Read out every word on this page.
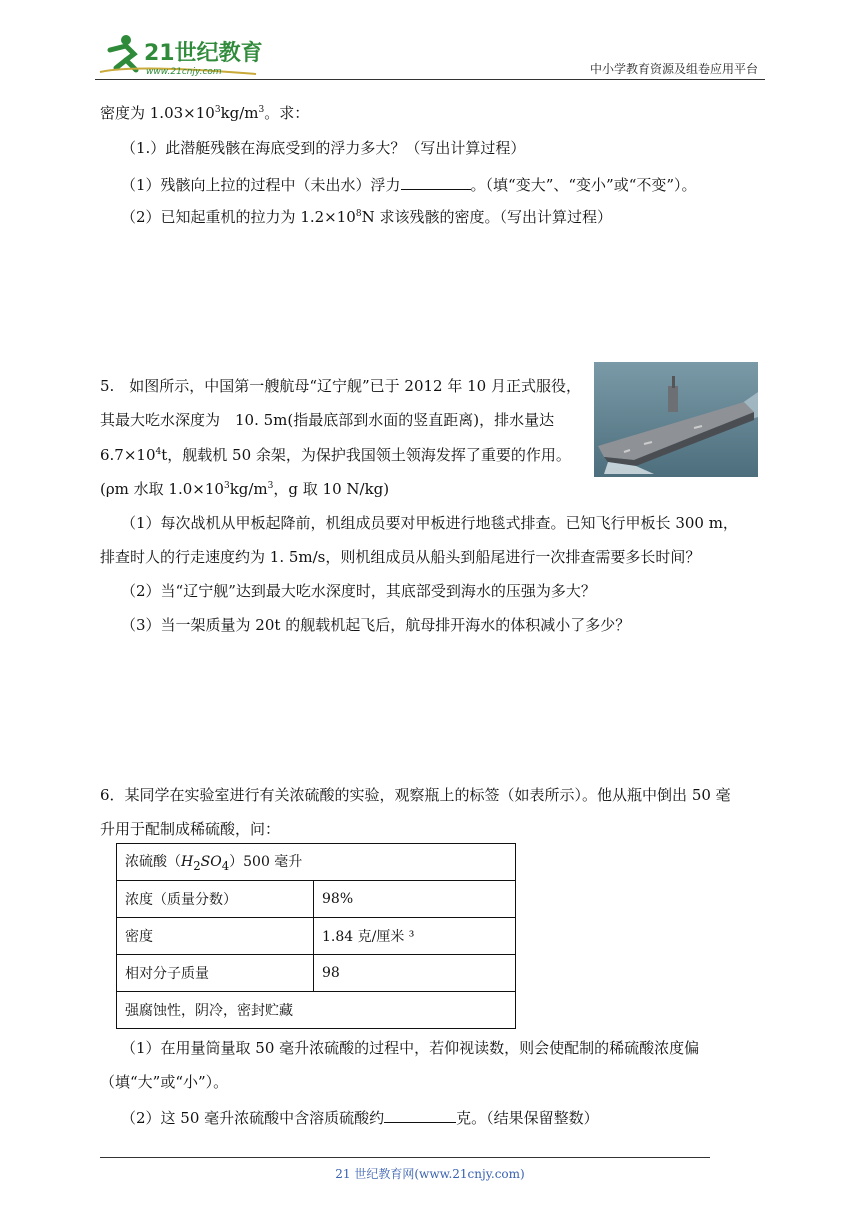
21世纪教育
www.21cnjy.com	中小学教育资源及组卷应用平台
密度为 $1.03\times 10^3kg/m^3$。求：
（1.）此潜艇残骸在海底受到的浮力多大？（写出计算过程）
（1）残骸向上拉的过程中（未出水）浮力	。（填“变大”、“变小”或“不变”）。
（2）已知起重机的拉力为 $1.2\times 10^8N$ 求该残骸的密度。（写出计算过程）
5.　如图所示，中国第一艘航母“辽宁舰”已于 2012 年 10 月正式服役，
其最大吃水深度为　10. 5m(指最底部到水面的竖直距离)，排水量达
$6.7\times 10^4t$，舰载机 50 余架，为保护我国领土领海发挥了重要的作用。
(ρm 水取 $1.0\times 10^3kg/m^3$，g 取 10 N/kg)
（1）每次战机从甲板起降前，机组成员要对甲板进行地毯式排查。已知飞行甲板长 300 m，
排查时人的行走速度约为 1. 5m/s，则机组成员从船头到船尾进行一次排查需要多长时间？
（2）当“辽宁舰”达到最大吃水深度时，其底部受到海水的压强为多大？
（3）当一架质量为 20t 的舰载机起飞后，航母排开海水的体积减小了多少？
6．某同学在实验室进行有关浓硫酸的实验，观察瓶上的标签（如表所示）。他从瓶中倒出 50 毫
升用于配制成稀硫酸，问：
浓硫酸$(H_2SO_4)500$ 毫升	
浓度（质量分数）	98%
密度	1.84 克/厘米 ³
相对分子质量	98
强腐蚀性，阴冷，密封贮藏	
（1）在用量筒量取 50 毫升浓硫酸的过程中，若仰视读数，则会使配制的稀硫酸浓度偏
（填“大”或“小”）。
（2）这 50 毫升浓硫酸中含溶质硫酸约	克。（结果保留整数）
21 世纪教育网(www.21cnjy.com)
